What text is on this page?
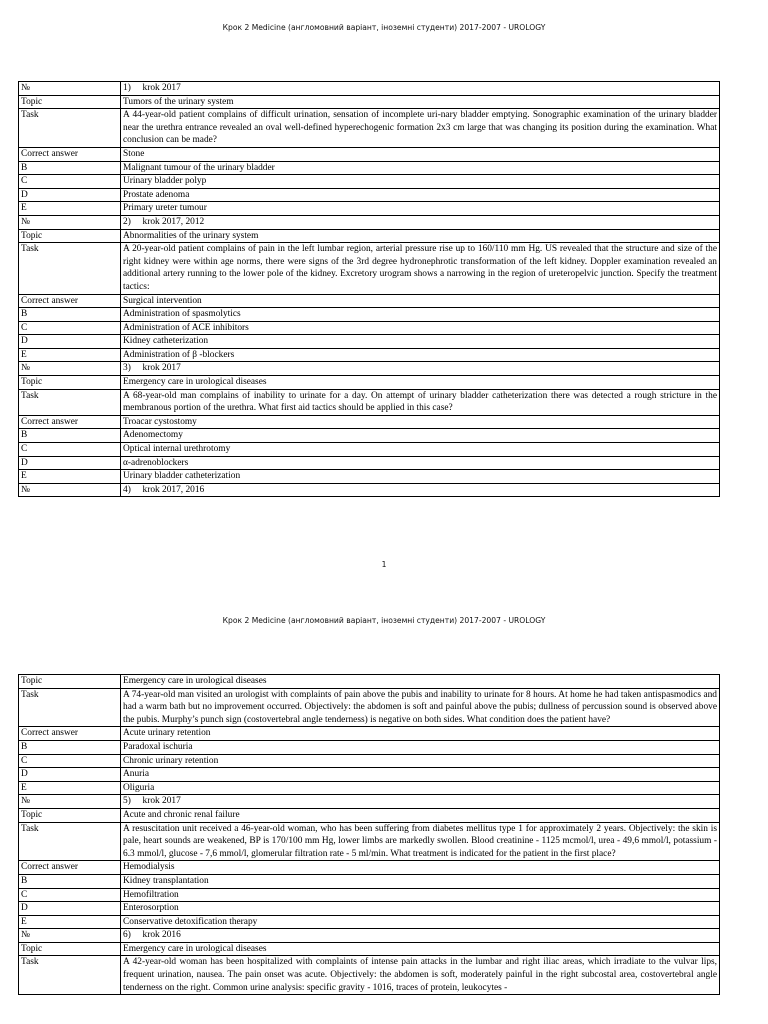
Крок 2 Medicine (англомовний варіант, іноземні студенти) 2017-2007 - UROLOGY
№	1) krok 2017
Topic	Tumors of the urinary system
Task	A 44-year-old patient complains of difficult urination, sensation of incomplete uri-nary bladder emptying. Sonographic examination of the urinary bladder near the urethra entrance revealed an oval well-defined hyperechogenic formation 2x3 cm large that was changing its position during the examination. What conclusion can be made?
Correct answer	Stone
B	Malignant tumour of the urinary bladder
C	Urinary bladder polyp
D	Prostate adenoma
E	Primary ureter tumour
№	2) krok 2017, 2012
Topic	Abnormalities of the urinary system
Task	A 20-year-old patient complains of pain in the left lumbar region, arterial pressure rise up to 160/110 mm Hg. US revealed that the structure and size of the right kidney were within age norms, there were signs of the 3rd degree hydronephrotic transformation of the left kidney. Doppler examination revealed an additional artery running to the lower pole of the kidney. Excretory urogram shows a narrowing in the region of ureteropelvic junction. Specify the treatment tactics:
Correct answer	Surgical intervention
B	Administration of spasmolytics
C	Administration of ACE inhibitors
D	Kidney catheterization
E	Administration of β -blockers
№	3) krok 2017
Topic	Emergency care in urological diseases
Task	A 68-year-old man complains of inability to urinate for a day. On attempt of urinary bladder catheterization there was detected a rough stricture in the membranous portion of the urethra. What first aid tactics should be applied in this case?
Correct answer	Troacar cystostomy
B	Adenomectomy
C	Optical internal urethrotomy
D	α-adrenoblockers
E	Urinary bladder catheterization
№	4) krok 2017, 2016
1
Крок 2 Medicine (англомовний варіант, іноземні студенти) 2017-2007 - UROLOGY
Topic	Emergency care in urological diseases
Task	A 74-year-old man visited an urologist with complaints of pain above the pubis and inability to urinate for 8 hours. At home he had taken antispasmodics and had a warm bath but no improvement occurred. Objectively: the abdomen is soft and painful above the pubis; dullness of percussion sound is observed above the pubis. Murphy’s punch sign (costovertebral angle tenderness) is negative on both sides. What condition does the patient have?
Correct answer	Acute urinary retention
B	Paradoxal ischuria
C	Chronic urinary retention
D	Anuria
E	Oliguria
№	5) krok 2017
Topic	Acute and chronic renal failure
Task	A resuscitation unit received a 46-year-old woman, who has been suffering from diabetes mellitus type 1 for approximately 2 years. Objectively: the skin is pale, heart sounds are weakened, BP is 170/100 mm Hg, lower limbs are markedly swollen. Blood creatinine - 1125 mcmol/l, urea - 49,6 mmol/l, potassium - 6.3 mmol/l, glucose - 7,6 mmol/l, glomerular filtration rate - 5 ml/min. What treatment is indicated for the patient in the first place?
Correct answer	Hemodialysis
B	Kidney transplantation
C	Hemofiltration
D	Enterosorption
E	Conservative detoxification therapy
№	6) krok 2016
Topic	Emergency care in urological diseases
Task	A 42-year-old woman has been hospitalized with complaints of intense pain attacks in the lumbar and right iliac areas, which irradiate to the vulvar lips, frequent urination, nausea. The pain onset was acute. Objectively: the abdomen is soft, moderately painful in the right subcostal area, costovertebral angle tenderness on the right. Common urine analysis: specific gravity - 1016, traces of protein, leukocytes -
